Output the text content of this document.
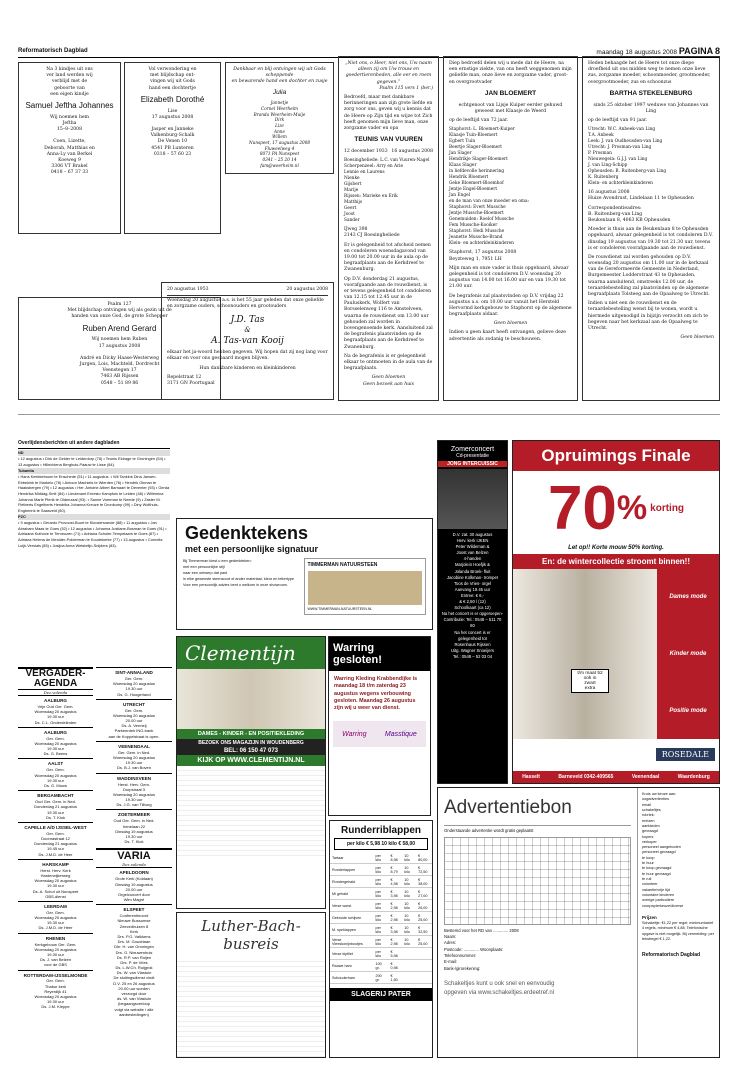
Reformatorisch Dagblad	maandag 18 augustus 2008 PAGINA 8
Na 3 kindjes uit ons
ver land werden wij
verblijd met de
geboorte van
een eigen kindje
Samuel Jeftha Johannes
Wij noemen hem
Jeftha
15–8–2008

Coen, Lizette,
Deborah, Matthias en
Anna-Ly van Berkel
Koeweg 9
3306 VT Brakel
0418 – 67 37 33
Vol verwondering en
met blijdschap ont-
vingen wij uit Gods
hand een dochtertje
Elizabeth Dorothé
Lise
17 augustus 2008

Jasper en Janneke
Valkenburg-Schalk
De Venen 10
4541 PB Lunteren
0318 – 57 60 23
Dankbaar en blij ontvingen wij uit Gods scheppende
en bewarende hand een dochter en zusje
Julia
Jannetje
Cornel Weerheim
Branda Weerheim-Muije
Dirk
Lize
Anne
Willem
Nunspeet, 17 augustus 2008
Fluweelweg 4
8071 PA Nunspeet
0341 – 25 20 14
fam@weerheim.nl
Psalm 127
Met blijdschap ontvingen wij als gezin uit de
handen van onze God, de grote Schepper
Ruben Arend Gerard
Wij noemen hem Ruben
17 augustus 2008

André en Dicky Haase-Westerweg
Jurgen, Lois, Machteld, Dordrecht
Veenstegen 17
7463 AB Rijssen
0548 – 51 89 86
20 augustus 1953	20 augustus 2008
Woensdag 20 augustus a.s. is het 55 jaar geleden dat onze geliefde en zorgzame ouders, schoonouders en grootouders
J.D. Tas
&
A. Tas-van Kooij
elkaar het ja-woord hebben gegeven. Wij hopen dat zij nog lang voor elkaar en voor ons gespaard mogen blijven.
Hun dankbare kinderen en kleinkinderen
Repelstraat 12
3171 GN Poortugaal
„Niet ons, o Heer, niet ons, Uw naam alleen zij om Uw trouw en goedertierenheden, alle eer en roem gegeven.”
Psalm 115 vers 1 (ber.)
Bedroefd, maar met dankbare herinneringen aan zijn grote liefde en zorg voor ons, geven wij u kennis dat de Heere op Zijn tijd en wijze tot Zich heeft genomen mijn lieve man, onze zorgzame vader en opa
TEUNIS VAN VUUREN
12 december 1933 16 augustus 2008
Boesingheliede: L.C. van Vuuren-Nagel
Scherpenzeel: Arry en Arie
Lennie en Laurens
Nienke
Gijsbert
Marije
Rijssen: Marieke en Erik
Matthijs
Geert
Joost
Sander
IJweg 398
2143 CJ Boesingheliede
Er is gelegenheid tot afscheid nemen en condoleren woensdagavond van 19.00 tot 20.00 uur in de aula op de begraafplaats aan de Kerkdreef te Zwanenburg.
Op D.V. donderdag 21 augustus, voorafgaande aan de rouwdienst, is er tevens gelegenheid tot condoleren van 12.15 tot 12.45 uur in de Pauluskerk, Wolfert van Borsselenweg 116 te Amstelveen, waarna de rouwdienst om 13.00 uur gehouden zal worden in bovengenoemde kerk. Aansluitend zal de begrafenis plaatsvinden op de begraafplaats aan de Kerkdreef te Zwanenburg.
Na de begrafenis is er gelegenheid elkaar te ontmoeten in de aula van de begraafplaats.
Geen bloemen
Geen bezoek aan huis
Diep bedroefd delen wij u mede dat de Heere, na een ernstige ziekte, van ons heeft weggenomen mijn geliefde man, onze lieve en zorgzame vader, groot- en overgrootvader
JAN BLOEMERT
echtgenoot van Lijsje Kuiper eerder gehuwd geweest met Klaasje de Weerd
op de leeftijd van 72 jaar.
Staphorst: L. Bloemert-Kuiper
Klaasje Tuin-Bloemert
Egbert Tuin
Beertje Slager-Bloemert
Jan Slager
Hendrikje Slager-Bloemert
Klaas Slager
in liefdevolle herinnering
Hendrik Bloemert
Geke Bloemert-Bloemhof
Jentje Engel-Bloemert
Jan Engel
en de man van onze moeder en oma:
Staphorst: Evert Mussche
Jentje Mussche-Bloemert
Genemuiden: Roelof Mussche
Fem Mussche-Kooiker
Staphorst: Hedi Mussche
Jeanette Mussche-Brand
Klein- en achterkleinkinderen
Staphorst, 17 augustus 2008
Beyzteweg 1, 7951 LH
Mijn man en onze vader is thuis opgebaard, alwaar gelegenheid is tot condoleren D.V. woensdag 20 augustus van 14.00 tot 16.00 uur en van 19.30 tot 21.00 uur.
De begrafenis zal plaatsvinden op D.V. vrijdag 22 augustus a.s. om 10.00 uur vanuit het Hersteld Hervormd kerkgebouw te Staphorst op de algemene begraafplaats aldaar.
Geen bloemen
Indien u geen kaart heeft ontvangen, gelieve deze advertentie als zodanig te beschouwen.
Heden behaagde het de Heere tot onze diepe droefheid uit ons midden weg te nemen onze lieve zus, zorgzame moeder, schoonmoeder, grootmoeder, overgrootmoeder, zus en schoonzus
BARTHA STEKELENBURG
sinds 25 oktober 1997 weduwe van Johannes van Ling
op de leeftijd van 91 jaar.
Utrecht: W.C. Anbeek-van Ling
T.A. Anbeek
Leek: J. van Oudheusden-van Ling
Utrecht: J. Prosman-van Ling
P. Prosman
Nieuwegein: G.J.J. van Ling
J. van Ling-Schipp
Opheusden: B. Ruitenberg-van Ling
K. Ruitenberg
Klein- en achterkleinkinderen
16 augustus 2008
Huize Avondrust, Lindelaan 11 te Opheusden
Correspondentieadres:
B. Ruitenberg-van Ling
Beukenlaan 8, 4063 KB Opheusden
Moeder is thuis aan de Beukenlaan 8 te Opheusden opgebaard, alwaar gelegenheid is tot condoleren D.V. dinsdag 19 augustus van 19.30 tot 21.30 uur, tevens is er condoleren voorafgaande aan de rouwdienst.
De rouwdienst zal worden gehouden op D.V. woensdag 20 augustus om 11.00 uur in de kerkzaal van de Gereformeerde Gemeente in Nederland, Burgemeester Lodderstraat 43 te Opheusden, waarna aansluitend, omstreeks 12.00 uur, de teraardebestelling zal plaatsvinden op de algemene begraafplaats Tolsteeg aan de Opaalweg te Utrecht.
Indien u niet een de rouwdienst en de teraardebestelling wenst bij te wonen, wordt u hiermede uitgenodigd in bijzijn verzocht om zich te begeven naar het kerkzaal aan de Opaalweg te Utrecht.
Geen bloemen
Overlijdensberichten uit andere dagbladen
ND
• 12 augustus • Dirk de Gelder te Leiderdorp (78) • Teunis Eldrage te Groningen (54) • 13 augustus • Hillechiena Berghuis-Paauw te Lisse (84).
Tubantia
• Hans Keekkeboom te Enschede (51) • 11 augustus. • Wil Tankink Dina Jansen-Ebbekink te Markelo (78) • Antoon Machiels te Wierden (76) • Hendrik Okman te Haaksbergen (79) • 12 augustus • Her. Antoine Albert Barnaart te Deventer (93) • Gerda Hendrika Middag-Smit (84) • Lieutenant Ernesto Kampfuis te Leiden (48) • Willemina Johanna Marie Pierik te Oldenzaal (93). • Sanne Voerman te Neede (9) • Zaster M. Fietberts Engelberts Hendrika Johanna Kreuze te Dronkump (99) • Diny Wolthuis-Engberink te Saasveld (80).
PZC
• 9 augustus • Gerardo Provoost-Buurt te Kloosterzande (88) • 11 augustus • Jan Abraham Maas te Goes (52) • 12 augustus • Johanna Justiane-Bosman te Goes (91) • Adriaana Kuthove te Terneuzen (71) • Adriana Scholer-Tempelaars te Goes (87) • Adriana Helena de Meulder-Polderman te Koudekerke (77) • 13 augustus • Cornelia Luijk-Verslals (85) • Josijna Anna Wetstelijn-Snijders (83).
VERGADER-
AGENDA
Dez.volenda
AALBURG
Vrije Oud Ger. Gem.
Woensdag 20 augustus
19.30 uur
Ds. C.L. Onderdelinden
AALBURG
Ger. Gem.
Woensdag 20 augustus
19.30 uur
Ds. G. Beens
AALST
Ger. Gem.
Woensdag 20 augustus
19.30 uur
Ds. G. Mouw
BERGAMBACHT
Oud Ger. Gem. in Ned.
Donderdag 21 augustus
19.30 uur
Ds. T. Klok
CAPELLE A/D IJSSEL-WEST
Ger. Gem.
Doornastraat 12
Donderdag 21 augustus
19.45 uur
Ds. J.M.D. de Heer
HARSKAMP
Herst. Herv. Kerk
Harderwijkerweg
Woensdag 20 augustus
19.30 uur
Ds. A. Schot uit Nunspeet
GBS-dienst
LEERDAM
Ger. Gem.
Woensdag 20 augustus
19.30 uur
Ds. J.M.D. de Heer
RHENEN
Kerkgebouw Ger. Gem.
Woensdag 20 augustus
19.30 uur
Ds. J. van Belzen
voor de GBS
ROTTERDAM-IJSSELMONDE
Ger. Gem.
Thabor kerk
Reyerdijk 41
Woensdag 20 augustus
19.30 uur
Ds. J.M. Kleppe
SINT-ANNALAND
Ger. Gem.
Woensdag 20 augustus
19.30 uur
Ds. G. Hoogerland
UTRECHT
Ger. Gem.
Woensdag 20 augustus
20.00 uur
Ds. A. Vermeij
Parkeerdek ING-bank
aan de Koppelstraat is open.
VEENENDAAL
Ger. Gem. in Ned.
Woensdag 20 augustus
19.30 uur
Ds. B.J. van Boven
WADDINXVEEN
Herst. Herv. Gem.
Dorpstraat 3
Woensdag 20 augustus
19.30 uur
Ds. J.G. van Tilburg
ZOETERMEER
Oud Ger. Gem. in Ned.
Irenelaan 22
Dinsdag 19 augustus
19.30 uur
Ds. T. Klok
VARIA
Dez.volenda
APELDOORN
Grote Kerk (Koldaan)
Dinsdag 19 augustus
20.00 uur
Orgelconcert door
Wim Magré
ELSPEET
Conferentieoord
Nieuwe Bussumse
Zeecedhuizen 8
Kerk
Drs. P.G. Valkkens
Drs. M. Goudriaan
Dhr. H. van Groningen
Drs. G. Nieuwenhuis
Ds. R.P. van Roijen
Drs. P. de Vries
Ds. L.W.Ch. Ruijgrok
Ds. W. van Vlastuin
De sluitingsdienst vindt
D.V. 25 en 26 augustus
20.00 uur worden
verzorgd door
ds. W. van Vlastuin
(begaangsverloop
volgt via website / alle
aanbestedingen)
Gedenktekens
met een persoonlijke signatuur
Bij Timmerman kiest u een gedenkteken:
met een persoonlijke stijl
naar een ontwerp dat past
in elke gewenste steensoort of ander materiaal, kleur en lettertype
Voor een persoonlijk advies bent u welkom in onze showroom.
TIMMERMAN NATUURSTEEN
WWW.TIMMERMAN-NATUURSTEEN.NL
Clementijn
DAMES - KINDER - EN POSITIEKLEDING
BEZOEK ONS MAGAZIJN IN WOUDENBERG
BEL: 06 150 47 073
KIJK OP WWW.CLEMENTIJN.NL
Warring gesloten!
Warring Kleding Krabbendijke is maandag 18 t/m zaterdag 23 augustus wegens verbouwing gesloten. Maandag 26 augustus zijn wij u weer van dienst.
Warring	Masstique
Runderriblappen
per kilo € 5,98 10 kilo € 58,00
Tartaar	per kilo	€ 8,98	10 kilo	€ 80,00
Runderlappen	per kilo	€ 8,79	10 kilo	€ 72,50
Rundergehakt	per kilo	€ 4,98	10 kilo	€ 38,00
Mi gehakt	per kilo	€ 3,98	10 kilo	€ 27,00
Verse worst	per kilo	€ 2,98	10 kilo	€ 26,00
Gekruide schijven	per kilo	€ 2,98	10 kilo	€ 25,00
M. speklappen	per kilo	€ 3,98	10 kilo	€ 32,50
Verse Vleeskonijnboutjes	per kilo	€ 2,98	10 kilo	€ 25,00
Verse kipfilet	per kilo	€ 5,98		
Rauwe ham	100 gr.	€ 0,98		
Schouderham	200 gr.	€ 1,50		
SLAGERIJ PATER
Luther-Bach-busreis
Zomerconcert
Cd-presentatie
JONG INTERCUISSIC
D.V. zat. 30 augustus
Herv. kerk IJKEN
Peter Wildeman &
Joost van Belzen
4-handen
Marjolein Hoefjik &
Jolanda Broek- fluit
Jacobine Kolkman- trompet
Toos de Vries- orgel
Aanvang 19.45 uur
Entree: € 6,-
& € 2,50 / (12)
Schoolkaart (ca 12)
Na het concert is er opgeroepen-
Contributie: Tel.: 0548 – 511 70 60
Na het concert is er
gelegenheid tot
Rosenhaus Rijssen
Uitg. Wagner Snoeijers
Tel.: 0548 – 52 03 04
Opruimings Finale
70 % korting
Let op!! Korte mouw 50% korting.
En: de wintercollectie stroomt binnen!!
t/m maat 52
ook in
zwart
extra
Dames mode
Kinder mode
Positie mode
ROSEDALE
Hasselt	Barneveld 0342-409565	Veenendaal	Waardenburg
Advertentiebon
Onderstaande advertentie wordt gratis geplaatst
Bestemd voor het RD van ............. 2008
Naam:
Adres:
Postcode: ............. Woonplaats:
Telefoonnummer:
E-mail:
Bank-/girorekening:
Schakeltjes kunt u ook snel en eenvoudig
opgeven via www.schakeltjes.erdeetref.nl
Kruis uw keuze aan:
oogadvertenties
email
schakeltjes
rubriek:
ereizen
aanbieden
gevraagd
kopers
verkoper
personeel aangeboden
personeel gevraagd
te koop
te huur
te koop gevraagd
te huur gevraagd
te ruil
volunteer
vakantie/vrije tijd
volontaire kinderen
overige particuliere
voorpapierkeuze/diverse
Prijzen
Schakeltje: €1,22 per regel; minimumtarief 4 regels, minimum € 4,88. Telefonische opgave is niet mogelijk. Bij vermelding: per tekstregel € 1,22.
Reformatorisch Dagblad
